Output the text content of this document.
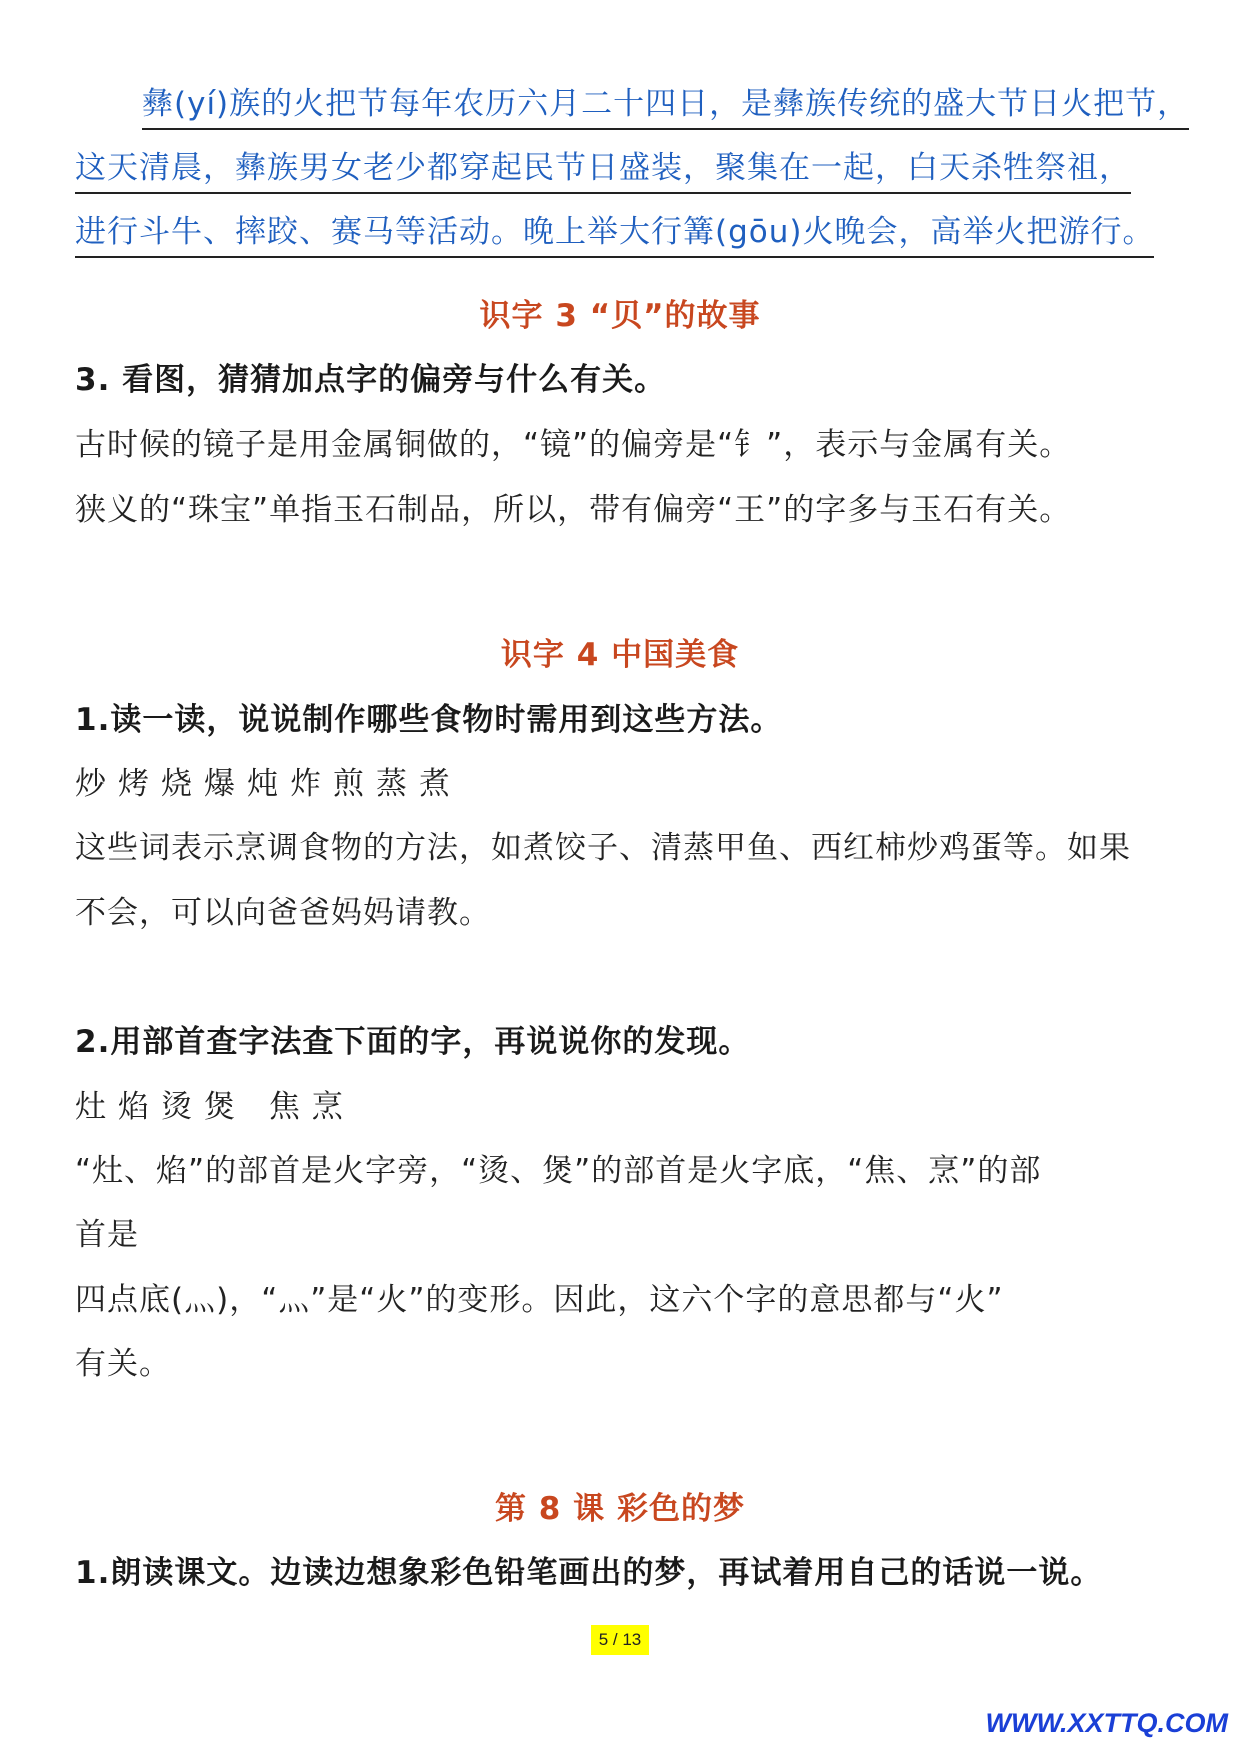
彝(yí)族的火把节每年农历六月二十四日，是彝族传统的盛大节日火把节，
这天清晨，彝族男女老少都穿起民节日盛装，聚集在一起，白天杀牲祭祖，
进行斗牛、摔跤、赛马等活动。晚上举大行篝(gōu)火晚会，高举火把游行。
识字 3 “贝”的故事
3. 看图，猜猜加点字的偏旁与什么有关。
古时候的镜子是用金属铜做的，“镜”的偏旁是“钅”，表示与金属有关。
狭义的“珠宝”单指玉石制品，所以，带有偏旁“王”的字多与玉石有关。
识字 4 中国美食
1.读一读，说说制作哪些食物时需用到这些方法。
炒烤烧爆炖炸煎蒸煮
这些词表示烹调食物的方法，如煮饺子、清蒸甲鱼、西红柿炒鸡蛋等。如果
不会，可以向爸爸妈妈请教。
2.用部首查字法查下面的字，再说说你的发现。
灶焰烫煲 焦烹
“灶、焰”的部首是火字旁，“烫、煲”的部首是火字底，“焦、烹”的部
首是
四点底(灬)，“灬”是“火”的变形。因此，这六个字的意思都与“火”
有关。
第 8 课 彩色的梦
1.朗读课文。边读边想象彩色铅笔画出的梦，再试着用自己的话说一说。
5 / 13
WWW.XXTTQ.COM
